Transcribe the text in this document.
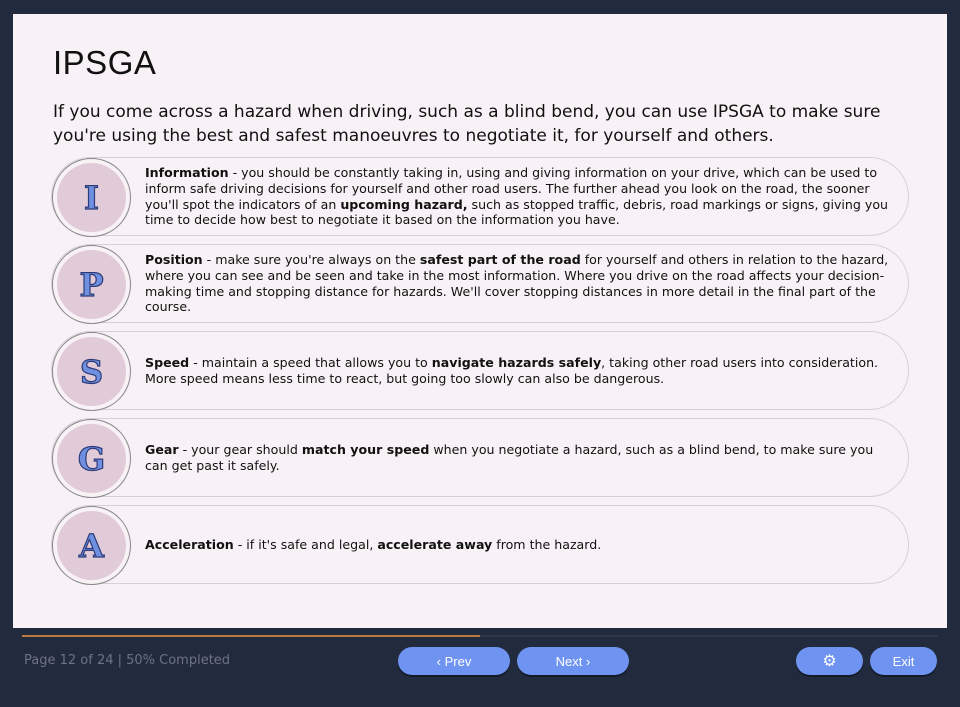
IPSGA
If you come across a hazard when driving, such as a blind bend, you can use IPSGA to make sure you're using the best and safest manoeuvres to negotiate it, for yourself and others.
I
Information - you should be constantly taking in, using and giving information on your drive, which can be used to inform safe driving decisions for yourself and other road users. The further ahead you look on the road, the sooner you'll spot the indicators of an upcoming hazard, such as stopped traffic, debris, road markings or signs, giving you time to decide how best to negotiate it based on the information you have.
P
Position - make sure you're always on the safest part of the road for yourself and others in relation to the hazard, where you can see and be seen and take in the most information. Where you drive on the road affects your decision-making time and stopping distance for hazards. We'll cover stopping distances in more detail in the final part of the course.
S	Speed - maintain a speed that allows you to navigate hazards safely, taking other road users into consideration. More speed means less time to react, but going too slowly can also be dangerous.
G	Gear - your gear should match your speed when you negotiate a hazard, such as a blind bend, to make sure you can get past it safely.
A	Acceleration - if it's safe and legal, accelerate away from the hazard.
Page 12 of 24 | 50% Completed	‹ Prev	Next ›	⚙	Exit
